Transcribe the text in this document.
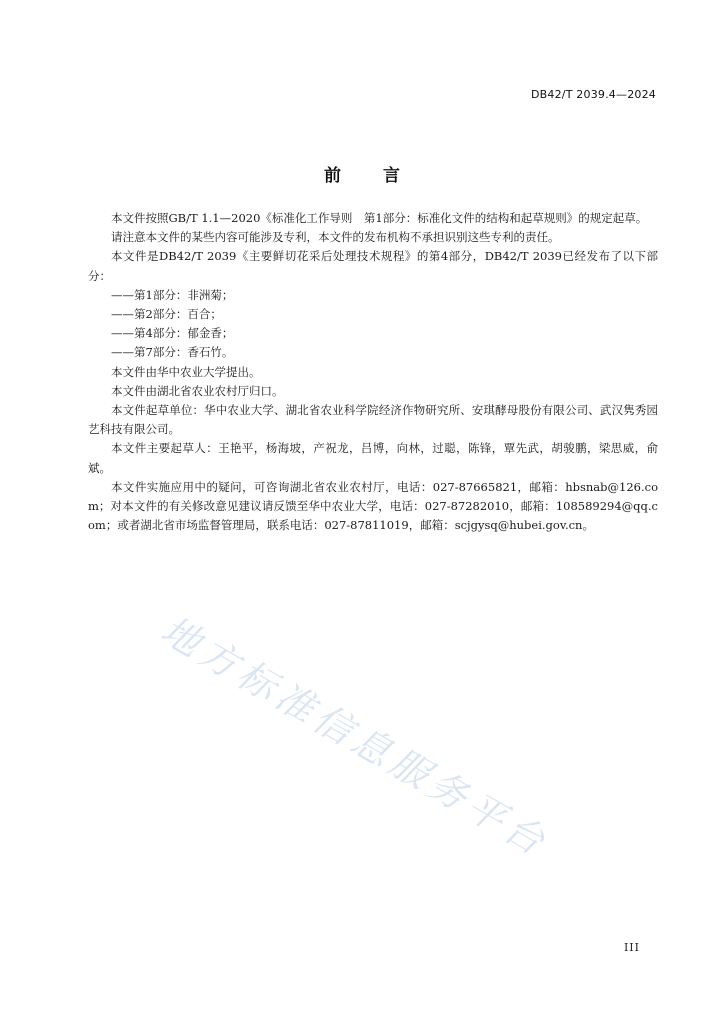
DB42/T 2039.4—2024
前言

本文件按照GB/T 1.1—2020《标准化工作导则　第1部分：标准化文件的结构和起草规则》的规定起草。

请注意本文件的某些内容可能涉及专利，本文件的发布机构不承担识别这些专利的责任。

本文件是DB42/T 2039《主要鲜切花采后处理技术规程》的第4部分，DB42/T 2039已经发布了以下部分：

——第1部分：非洲菊；

——第2部分：百合；

——第4部分：郁金香；

——第7部分：香石竹。

本文件由华中农业大学提出。

本文件由湖北省农业农村厅归口。

本文件起草单位：华中农业大学、湖北省农业科学院经济作物研究所、安琪酵母股份有限公司、武汉隽秀园艺科技有限公司。

本文件主要起草人：王艳平，杨海坡，产祝龙，吕博，向林，过聪，陈锋，覃先武，胡骏鹏，梁思威，俞斌。

本文件实施应用中的疑问，可咨询湖北省农业农村厅，电话：027-87665821，邮箱：hbsnab@126.com；对本文件的有关修改意见建议请反馈至华中农业大学，电话：027-87282010，邮箱：108589294@qq.com；或者湖北省市场监督管理局，联系电话：027-87811019，邮箱：scjgysq@hubei.gov.cn。

地方标准信息服务平台
III
